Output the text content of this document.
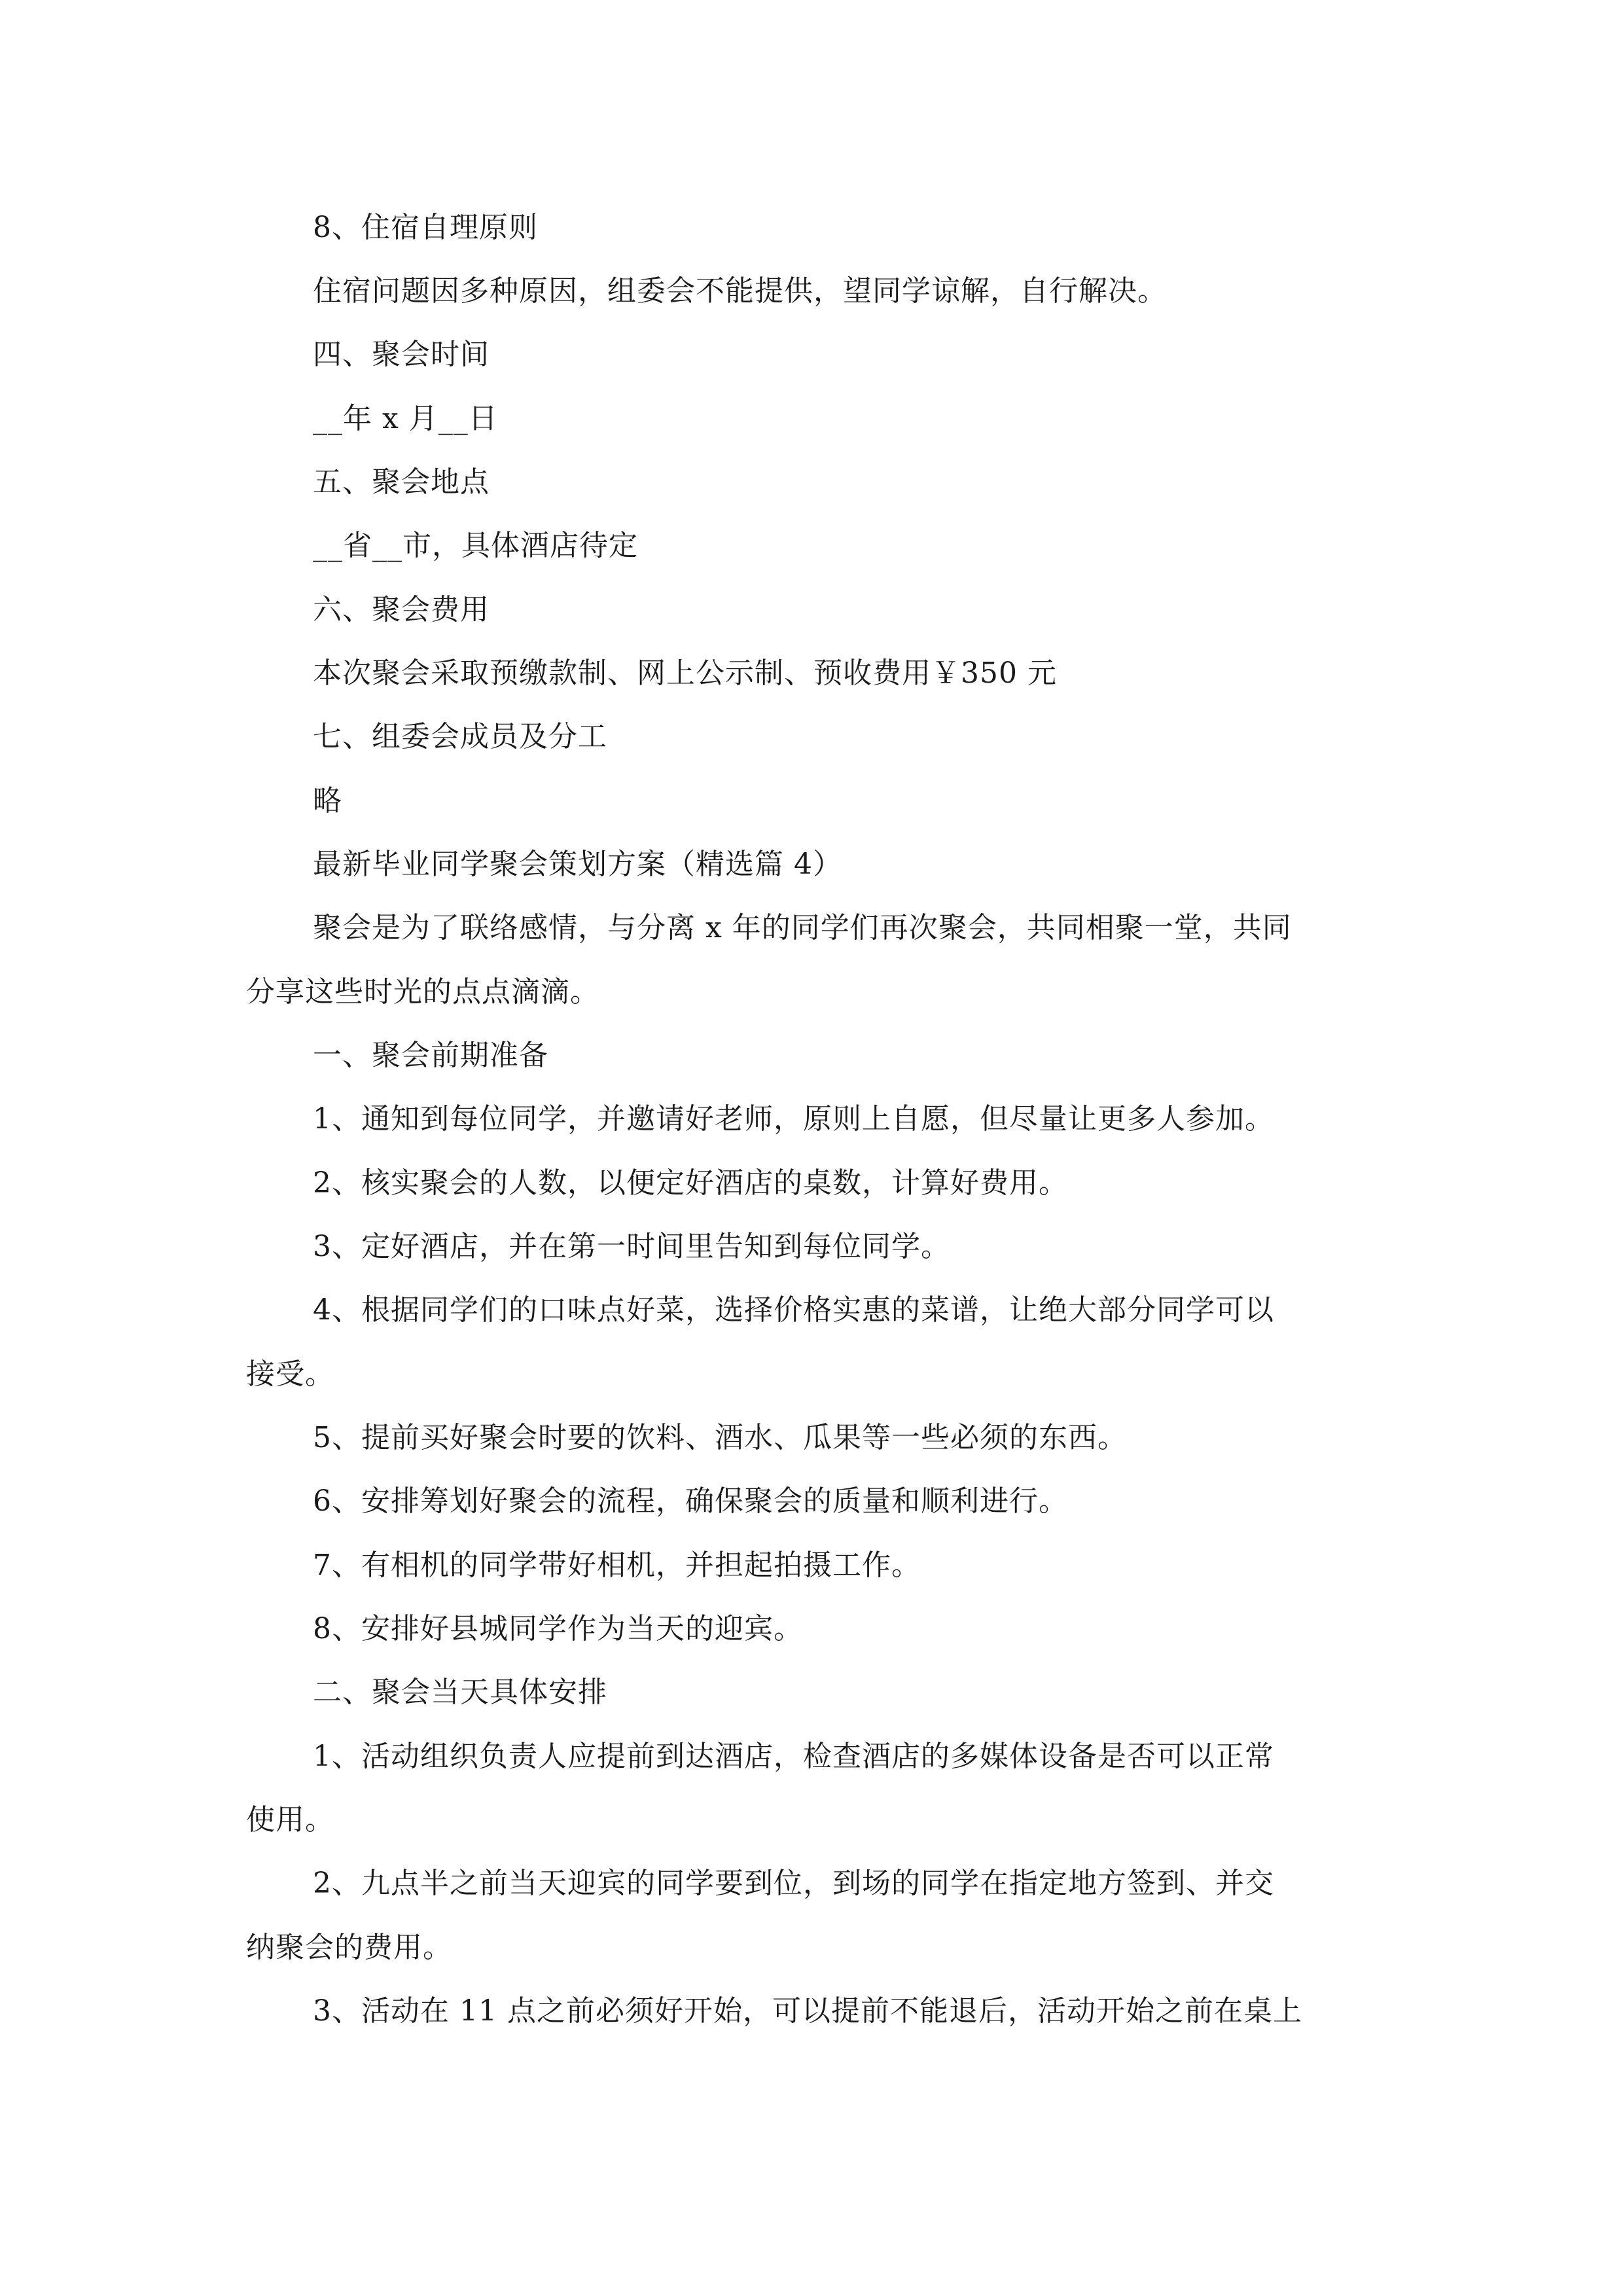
8、住宿自理原则
住宿问题因多种原因，组委会不能提供，望同学谅解，自行解决。
四、聚会时间
__年 x 月__日
五、聚会地点
__省__市，具体酒店待定
六、聚会费用
本次聚会采取预缴款制、网上公示制、预收费用￥350 元
七、组委会成员及分工
略
最新毕业同学聚会策划方案（精选篇 4）
聚会是为了联络感情，与分离 x 年的同学们再次聚会，共同相聚一堂，共同
分享这些时光的点点滴滴。
一、聚会前期准备
1、通知到每位同学，并邀请好老师，原则上自愿，但尽量让更多人参加。
2、核实聚会的人数，以便定好酒店的桌数，计算好费用。
3、定好酒店，并在第一时间里告知到每位同学。
4、根据同学们的口味点好菜，选择价格实惠的菜谱，让绝大部分同学可以
接受。
5、提前买好聚会时要的饮料、酒水、瓜果等一些必须的东西。
6、安排筹划好聚会的流程，确保聚会的质量和顺利进行。
7、有相机的同学带好相机，并担起拍摄工作。
8、安排好县城同学作为当天的迎宾。
二、聚会当天具体安排
1、活动组织负责人应提前到达酒店，检查酒店的多媒体设备是否可以正常
使用。
2、九点半之前当天迎宾的同学要到位，到场的同学在指定地方签到、并交
纳聚会的费用。
3、活动在 11 点之前必须好开始，可以提前不能退后，活动开始之前在桌上
